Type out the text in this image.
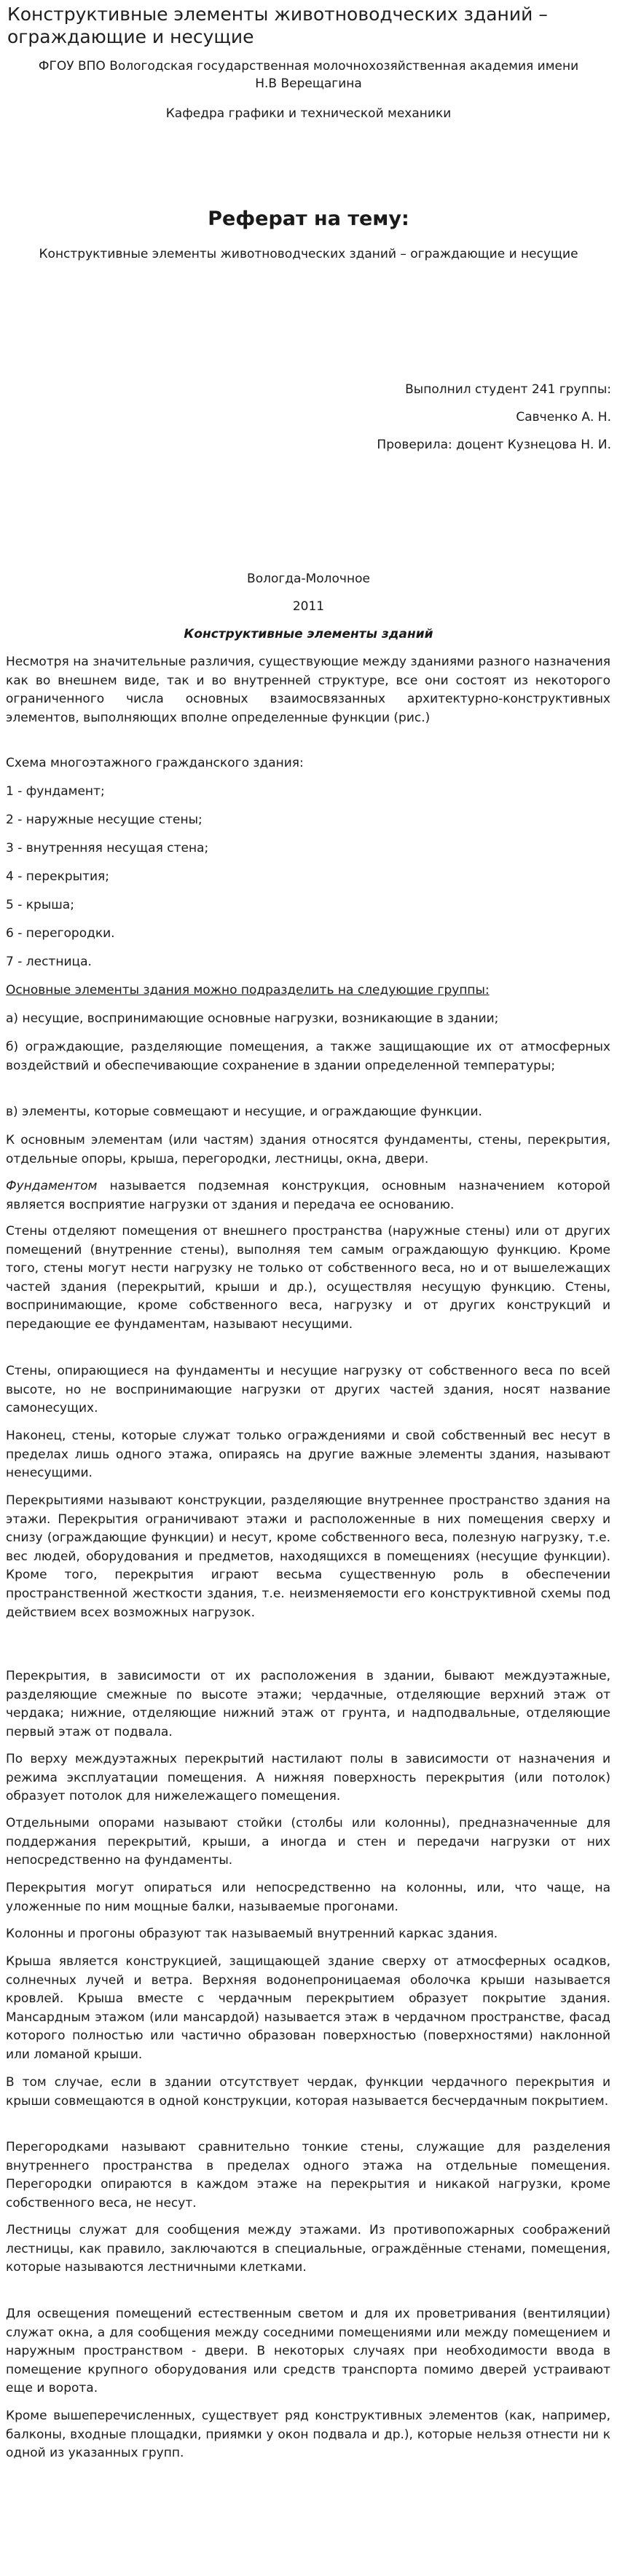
Конструктивные элементы животноводческих зданий – ограждающие и несущие
ФГОУ ВПО Вологодская государственная молочнохозяйственная академия имени
Н.В Верещагина
Кафедра графики и технической механики
Реферат на тему:
Конструктивные элементы животноводческих зданий – ограждающие и несущие
Выполнил студент 241 группы:
Савченко А. Н.
Проверила: доцент Кузнецова Н. И.
Вологда-Молочное
2011
Конструктивные элементы зданий
Несмотря на значительные различия, существующие между зданиями разного назначения как во внешнем виде, так и во внутренней структуре, все они состоят из некоторого ограниченного числа основных взаимосвязанных архитектурно-конструктивных элементов, выполняющих вполне определенные функции (рис.)
Схема многоэтажного гражданского здания:
1 - фундамент;
2 - наружные несущие стены;
3 - внутренняя несущая стена;
4 - перекрытия;
5 - крыша;
6 - перегородки.
7 - лестница.
Основные элементы здания можно подразделить на следующие группы:
а) несущие, воспринимающие основные нагрузки, возникающие в здании;
б) ограждающие, разделяющие помещения, а также защищающие их от атмосферных воздействий и обеспечивающие сохранение в здании определенной температуры;
в) элементы, которые совмещают и несущие, и ограждающие функции.
К основным элементам (или частям) здания относятся фундаменты, стены, перекрытия, отдельные опоры, крыша, перегородки, лестницы, окна, двери.
Фундаментом называется подземная конструкция, основным назначением которой является восприятие нагрузки от здания и передача ее основанию.
Стены отделяют помещения от внешнего пространства (наружные стены) или от других помещений (внутренние стены), выполняя тем самым ограждающую функцию. Кроме того, стены могут нести нагрузку не только от собственного веса, но и от вышележащих частей здания (перекрытий, крыши и др.), осуществляя несущую функцию. Стены, воспринимающие, кроме собственного веса, нагрузку и от других конструкций и передающие ее фундаментам, называют несущими.
Стены, опирающиеся на фундаменты и несущие нагрузку от собственного веса по всей высоте, но не воспринимающие нагрузки от других частей здания, носят название самонесущих.
Наконец, стены, которые служат только ограждениями и свой собственный вес несут в пределах лишь одного этажа, опираясь на другие важные элементы здания, называют ненесущими.
Перекрытиями называют конструкции, разделяющие внутреннее пространство здания на этажи. Перекрытия ограничивают этажи и расположенные в них помещения сверху и снизу (ограждающие функции) и несут, кроме собственного веса, полезную нагрузку, т.е. вес людей, оборудования и предметов, находящихся в помещениях (несущие функции). Кроме того, перекрытия играют весьма существенную роль в обеспечении пространственной жесткости здания, т.е. неизменяемости его конструктивной схемы под действием всех возможных нагрузок.
Перекрытия, в зависимости от их расположения в здании, бывают междуэтажные, разделяющие смежные по высоте этажи; чердачные, отделяющие верхний этаж от чердака; нижние, отделяющие нижний этаж от грунта, и надподвальные, отделяющие первый этаж от подвала.
По верху междуэтажных перекрытий настилают полы в зависимости от назначения и режима эксплуатации помещения. А нижняя поверхность перекрытия (или потолок) образует потолок для нижележащего помещения.
Отдельными опорами называют стойки (столбы или колонны), предназначенные для поддержания перекрытий, крыши, а иногда и стен и передачи нагрузки от них непосредственно на фундаменты.
Перекрытия могут опираться или непосредственно на колонны, или, что чаще, на уложенные по ним мощные балки, называемые прогонами.
Колонны и прогоны образуют так называемый внутренний каркас здания.
Крыша является конструкцией, защищающей здание сверху от атмосферных осадков, солнечных лучей и ветра. Верхняя водонепроницаемая оболочка крыши называется кровлей. Крыша вместе с чердачным перекрытием образует покрытие здания. Мансардным этажом (или мансардой) называется этаж в чердачном пространстве, фасад которого полностью или частично образован поверхностью (поверхностями) наклонной или ломаной крыши.
В том случае, если в здании отсутствует чердак, функции чердачного перекрытия и крыши совмещаются в одной конструкции, которая называется бесчердачным покрытием.
Перегородками называют сравнительно тонкие стены, служащие для разделения внутреннего пространства в пределах одного этажа на отдельные помещения. Перегородки опираются в каждом этаже на перекрытия и никакой нагрузки, кроме собственного веса, не несут.
Лестницы служат для сообщения между этажами. Из противопожарных соображений лестницы, как правило, заключаются в специальные, ограждённые стенами, помещения, которые называются лестничными клетками.
Для освещения помещений естественным светом и для их проветривания (вентиляции) служат окна, а для сообщения между соседними помещениями или между помещением и наружным пространством - двери. В некоторых случаях при необходимости ввода в помещение крупного оборудования или средств транспорта помимо дверей устраивают еще и ворота.
Кроме вышеперечисленных, существует ряд конструктивных элементов (как, например, балконы, входные площадки, приямки у окон подвала и др.), которые нельзя отнести ни к одной из указанных групп.
